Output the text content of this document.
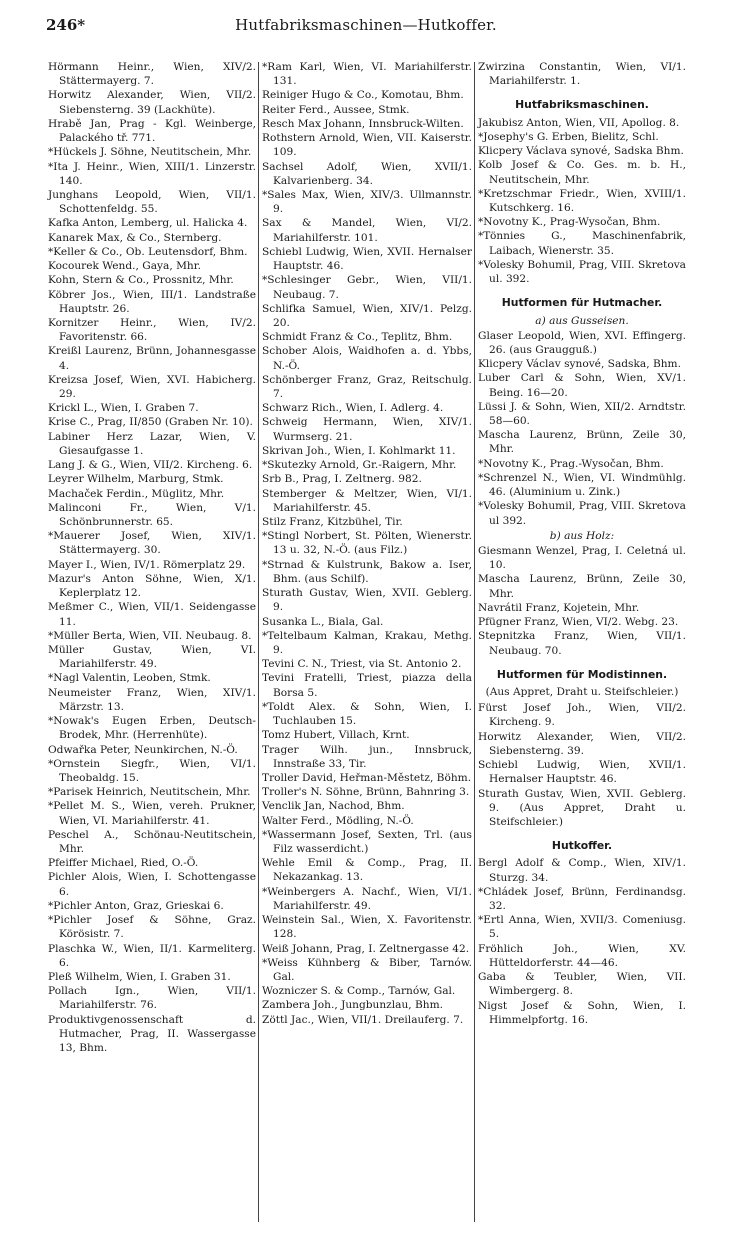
246*	Hutfabriksmaschinen—Hutkoffer.
Hörmann Heinr., Wien, XIV/2. Stättermayerg. 7.
Horwitz Alexander, Wien, VII/2. Siebensterng. 39 (Lackhüte).
Hrabě Jan, Prag - Kgl. Weinberge, Palackého tř. 771.
*Hückels J. Söhne, Neutitschein, Mhr.
*Ita J. Heinr., Wien, XIII/1. Linzerstr. 140.
Junghans Leopold, Wien, VII/1. Schottenfeldg. 55.
Kafka Anton, Lemberg, ul. Halicka 4.
Kanarek Max, & Co., Sternberg.
*Keller & Co., Ob. Leutensdorf, Bhm.
Kocourek Wend., Gaya, Mhr.
Kohn, Stern & Co., Prossnitz, Mhr.
Köbrer Jos., Wien, III/1. Landstraße Hauptstr. 26.
Kornitzer Heinr., Wien, IV/2. Favoritenstr. 66.
Kreißl Laurenz, Brünn, Johannesgasse 4.
Kreizsa Josef, Wien, XVI. Habicherg. 29.
Krickl L., Wien, I. Graben 7.
Krise C., Prag, II/850 (Graben Nr. 10).
Labiner Herz Lazar, Wien, V. Giesaufgasse 1.
Lang J. & G., Wien, VII/2. Kircheng. 6.
Leyrer Wilhelm, Marburg, Stmk.
Machaček Ferdin., Müglitz, Mhr.
Malinconi Fr., Wien, V/1. Schönbrunnerstr. 65.
*Mauerer Josef, Wien, XIV/1. Stättermayerg. 30.
Mayer I., Wien, IV/1. Römerplatz 29.
Mazur's Anton Söhne, Wien, X/1. Keplerplatz 12.
Meßmer C., Wien, VII/1. Seidengasse 11.
*Müller Berta, Wien, VII. Neubaug. 8.
Müller Gustav, Wien, VI. Mariahilferstr. 49.
*Nagl Valentin, Leoben, Stmk.
Neumeister Franz, Wien, XIV/1. Märzstr. 13.
*Nowak's Eugen Erben, Deutsch-Brodek, Mhr. (Herrenhüte).
Odwařka Peter, Neunkirchen, N.-Ö.
*Ornstein Siegfr., Wien, VI/1. Theobaldg. 15.
*Parisek Heinrich, Neutitschein, Mhr.
*Pellet M. S., Wien, vereh. Prukner, Wien, VI. Mariahilferstr. 41.
Peschel A., Schönau-Neutitschein, Mhr.
Pfeiffer Michael, Ried, O.-Ö.
Pichler Alois, Wien, I. Schottengasse 6.
*Pichler Anton, Graz, Grieskai 6.
*Pichler Josef & Söhne, Graz. Körösistr. 7.
Plaschka W., Wien, II/1. Karmeliterg. 6.
Pleß Wilhelm, Wien, I. Graben 31.
Pollach Ign., Wien, VII/1. Mariahilferstr. 76.
Produktivgenossenschaft d. Hutmacher, Prag, II. Wassergasse 13, Bhm.
*Ram Karl, Wien, VI. Mariahilferstr. 131.
Reiniger Hugo & Co., Komotau, Bhm.
Reiter Ferd., Aussee, Stmk.
Resch Max Johann, Innsbruck-Wilten.
Rothstern Arnold, Wien, VII. Kaiserstr. 109.
Sachsel Adolf, Wien, XVII/1. Kalvarienberg. 34.
*Sales Max, Wien, XIV/3. Ullmannstr. 9.
Sax & Mandel, Wien, VI/2. Mariahilferstr. 101.
Schiebl Ludwig, Wien, XVII. Hernalser Hauptstr. 46.
*Schlesinger Gebr., Wien, VII/1. Neubaug. 7.
Schlifka Samuel, Wien, XIV/1. Pelzg. 20.
Schmidt Franz & Co., Teplitz, Bhm.
Schober Alois, Waidhofen a. d. Ybbs, N.-Ö.
Schönberger Franz, Graz, Reitschulg. 7.
Schwarz Rich., Wien, I. Adlerg. 4.
Schweig Hermann, Wien, XIV/1. Wurmserg. 21.
Skrivan Joh., Wien, I. Kohlmarkt 11.
*Skutezky Arnold, Gr.-Raigern, Mhr.
Srb B., Prag, I. Zeltnerg. 982.
Stemberger & Meltzer, Wien, VI/1. Mariahilferstr. 45.
Stilz Franz, Kitzbühel, Tir.
*Stingl Norbert, St. Pölten, Wienerstr. 13 u. 32, N.-Ö. (aus Filz.)
*Strnad & Kulstrunk, Bakow a. Iser, Bhm. (aus Schilf).
Sturath Gustav, Wien, XVII. Geblerg. 9.
Susanka L., Biala, Gal.
*Teltelbaum Kalman, Krakau, Methg. 9.
Tevini C. N., Triest, via St. Antonio 2.
Tevini Fratelli, Triest, piazza della Borsa 5.
*Toldt Alex. & Sohn, Wien, I. Tuchlauben 15.
Tomz Hubert, Villach, Krnt.
Trager Wilh. jun., Innsbruck, Innstraße 33, Tir.
Troller David, Heřman-Městetz, Böhm.
Troller's N. Söhne, Brünn, Bahnring 3.
Venclik Jan, Nachod, Bhm.
Walter Ferd., Mödling, N.-Ö.
*Wassermann Josef, Sexten, Trl. (aus Filz wasserdicht.)
Wehle Emil & Comp., Prag, II. Nekazankag. 13.
*Weinbergers A. Nachf., Wien, VI/1. Mariahilferstr. 49.
Weinstein Sal., Wien, X. Favoritenstr. 128.
Weiß Johann, Prag, I. Zeltnergasse 42.
*Weiss Kühnberg & Biber, Tarnów. Gal.
Wozniczer S. & Comp., Tarnów, Gal.
Zambera Joh., Jungbunzlau, Bhm.
Zöttl Jac., Wien, VII/1. Dreilauferg. 7.
Zwirzina Constantin, Wien, VI/1. Mariahilferstr. 1.
Hutfabriksmaschinen.
Jakubisz Anton, Wien, VII, Apollog. 8.
*Josephy's G. Erben, Bielitz, Schl.
Klicpery Václava synové, Sadska Bhm.
Kolb Josef & Co. Ges. m. b. H., Neutitschein, Mhr.
*Kretzschmar Friedr., Wien, XVIII/1. Kutschkerg. 16.
*Novotny K., Prag-Wysočan, Bhm.
*Tönnies G., Maschinenfabrik, Laibach, Wienerstr. 35.
*Volesky Bohumil, Prag, VIII. Skretova ul. 392.
Hutformen für Hutmacher.
a) aus Gusseisen.
Glaser Leopold, Wien, XVI. Effingerg. 26. (aus Graugguß.)
Klicpery Václav synové, Sadska, Bhm.
Luber Carl & Sohn, Wien, XV/1. Being. 16—20.
Lüssi J. & Sohn, Wien, XII/2. Arndtstr. 58—60.
Mascha Laurenz, Brünn, Zeile 30, Mhr.
*Novotny K., Prag.-Wysočan, Bhm.
*Schrenzel N., Wien, VI. Windmühlg. 46. (Aluminium u. Zink.)
*Volesky Bohumil, Prag, VIII. Skretova ul 392.
b) aus Holz:
Giesmann Wenzel, Prag, I. Celetná ul. 10.
Mascha Laurenz, Brünn, Zeile 30, Mhr.
Navrátil Franz, Kojetein, Mhr.
Pfügner Franz, Wien, VI/2. Webg. 23.
Stepnitzka Franz, Wien, VII/1. Neubaug. 70.
Hutformen für Modistinnen.
(Aus Appret, Draht u. Steifschleier.)
Fürst Josef Joh., Wien, VII/2. Kircheng. 9.
Horwitz Alexander, Wien, VII/2. Siebensterng. 39.
Schiebl Ludwig, Wien, XVII/1. Hernalser Hauptstr. 46.
Sturath Gustav, Wien, XVII. Geblerg. 9. (Aus Appret, Draht u. Steifschleier.)
Hutkoffer.
Bergl Adolf & Comp., Wien, XIV/1. Sturzg. 34.
*Chládek Josef, Brünn, Ferdinandsg. 32.
*Ertl Anna, Wien, XVII/3. Comeniusg. 5.
Fröhlich Joh., Wien, XV. Hütteldorferstr. 44—46.
Gaba & Teubler, Wien, VII. Wimbergerg. 8.
Nigst Josef & Sohn, Wien, I. Himmelpfortg. 16.
